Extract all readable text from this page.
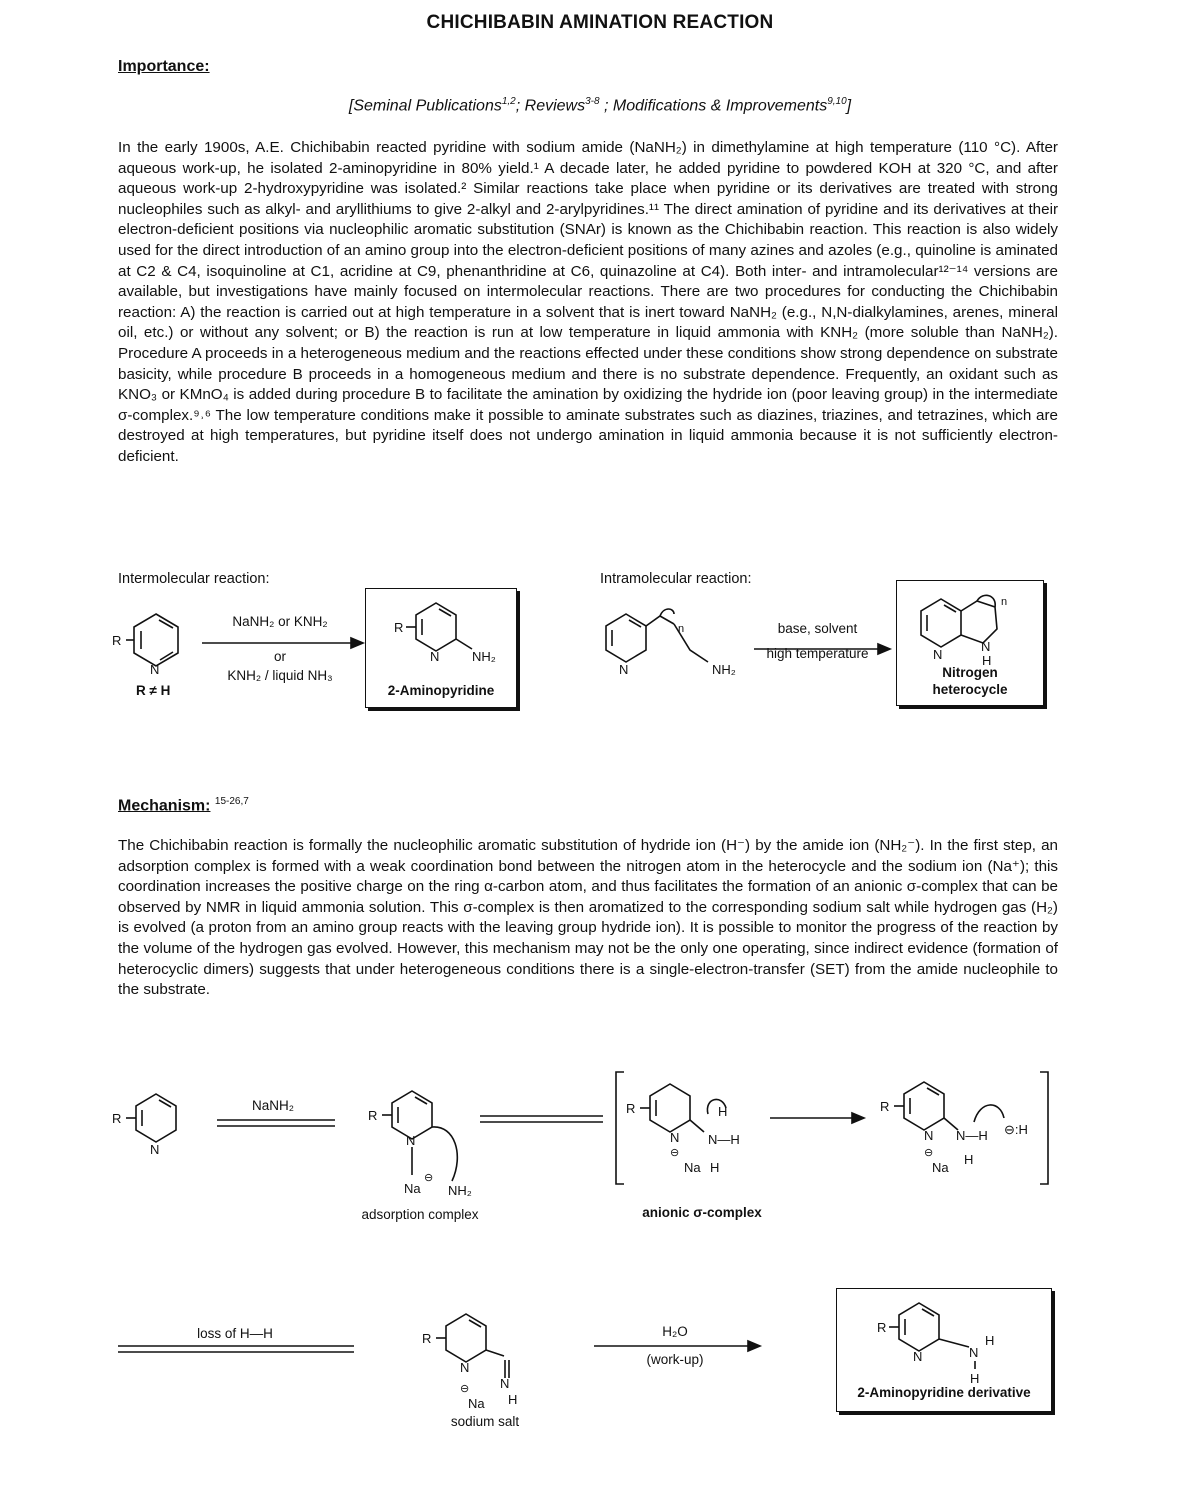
CHICHIBABIN AMINATION REACTION
Importance:
[Seminal Publications$^{1,2}$; Reviews$^{3-8}$ ; Modifications & Improvements$^{9,10}$]

In the early 1900s, A.E. Chichibabin reacted pyridine with sodium amide (NaNH₂) in dimethylamine at high temperature (110 °C). After aqueous work-up, he isolated 2-aminopyridine in 80% yield.¹ A decade later, he added pyridine to powdered KOH at 320 °C, and after aqueous work-up 2-hydroxypyridine was isolated.² Similar reactions take place when pyridine or its derivatives are treated with strong nucleophiles such as alkyl- and aryllithiums to give 2-alkyl and 2-arylpyridines.¹¹ The direct amination of pyridine and its derivatives at their electron-deficient positions via nucleophilic aromatic substitution (SNAr) is known as the Chichibabin reaction. This reaction is also widely used for the direct introduction of an amino group into the electron-deficient positions of many azines and azoles (e.g., quinoline is aminated at C2 & C4, isoquinoline at C1, acridine at C9, phenanthridine at C6, quinazoline at C4). Both inter- and intramolecular¹²⁻¹⁴ versions are available, but investigations have mainly focused on intermolecular reactions. There are two procedures for conducting the Chichibabin reaction: A) the reaction is carried out at high temperature in a solvent that is inert toward NaNH₂ (e.g., N,N-dialkylamines, arenes, mineral oil, etc.) or without any solvent; or B) the reaction is run at low temperature in liquid ammonia with KNH₂ (more soluble than NaNH₂). Procedure A proceeds in a heterogeneous medium and the reactions effected under these conditions show strong dependence on substrate basicity, while procedure B proceeds in a homogeneous medium and there is no substrate dependence. Frequently, an oxidant such as KNO₃ or KMnO₄ is added during procedure B to facilitate the amination by oxidizing the hydride ion (poor leaving group) in the intermediate σ-complex.⁹˒⁶ The low temperature conditions make it possible to aminate substrates such as diazines, triazines, and tetrazines, which are destroyed at high temperatures, but pyridine itself does not undergo amination in liquid ammonia because it is not sufficiently electron-deficient.

Intermolecular reaction:	Intramolecular reaction:
R
N
R ≠ H
NaNH₂ or KNH₂
or
KNH₂ / liquid NH₃
R
N	NH₂
2-Aminopyridine
N
n
NH₂
base, solvent
high temperature	N
N
H
n
Nitrogen
heterocycle
Mechanism: $^{15-26,7}$

The Chichibabin reaction is formally the nucleophilic aromatic substitution of hydride ion (H⁻) by the amide ion (NH₂⁻). In the first step, an adsorption complex is formed with a weak coordination bond between the nitrogen atom in the heterocycle and the sodium ion (Na⁺); this coordination increases the positive charge on the ring α-carbon atom, and thus facilitates the formation of an anionic σ-complex that can be observed by NMR in liquid ammonia solution. This σ-complex is then aromatized to the corresponding sodium salt while hydrogen gas (H₂) is evolved (a proton from an amino group reacts with the leaving group hydride ion). It is possible to monitor the progress of the reaction by the volume of the hydrogen gas evolved. However, this mechanism may not be the only one operating, since indirect evidence (formation of heterocyclic dimers) suggests that under heterogeneous conditions there is a single-electron-transfer (SET) from the amide nucleophile to the substrate.

R
N
NaNH₂
R
N
Na
⊖
NH₂
adsorption complex
R
N
H
N—H
⊖
Na H
R
N N—H ⊖:H
⊖
Na
H
anionic σ-complex
loss of H—H	R
N
N
H
⊖
Na
sodium salt
H₂O
(work-up)
R
N	N
H
H
2-Aminopyridine derivative
